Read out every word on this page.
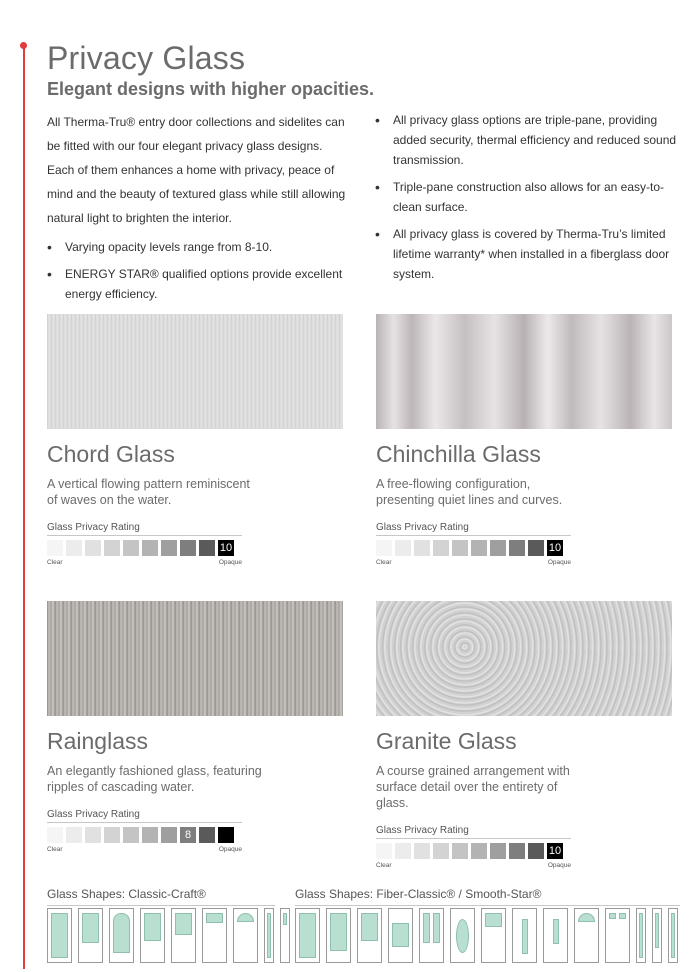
Privacy Glass
Elegant designs with higher opacities.

All Therma-Tru® entry door collections and sidelites can be fitted with our four elegant privacy glass designs. Each of them enhances a home with privacy, peace of mind and the beauty of textured glass while still allowing natural light to brighten the interior.

• Varying opacity levels range from 8-10.
• ENERGY STAR® qualified options provide excellent energy efficiency.
• All privacy glass options are triple-pane, providing added security, thermal efficiency and reduced sound transmission.
• Triple-pane construction also allows for an easy-to-clean surface.
• All privacy glass is covered by Therma-Tru’s limited lifetime warranty* when installed in a fiberglass door system.
Chord Glass
A vertical flowing pattern reminiscent of waves on the water.
Glass Privacy Rating
10
Clear	Opaque
Chinchilla Glass
A free-flowing configuration, presenting quiet lines and curves.
Glass Privacy Rating
10
Clear	Opaque
Rainglass
An elegantly fashioned glass, featuring ripples of cascading water.
Glass Privacy Rating
8
Clear	Opaque
Granite Glass
A course grained arrangement with surface detail over the entirety of glass.
Glass Privacy Rating
10
Clear	Opaque
Glass Shapes: Classic-Craft®	Glass Shapes: Fiber-Classic® / Smooth-Star®
